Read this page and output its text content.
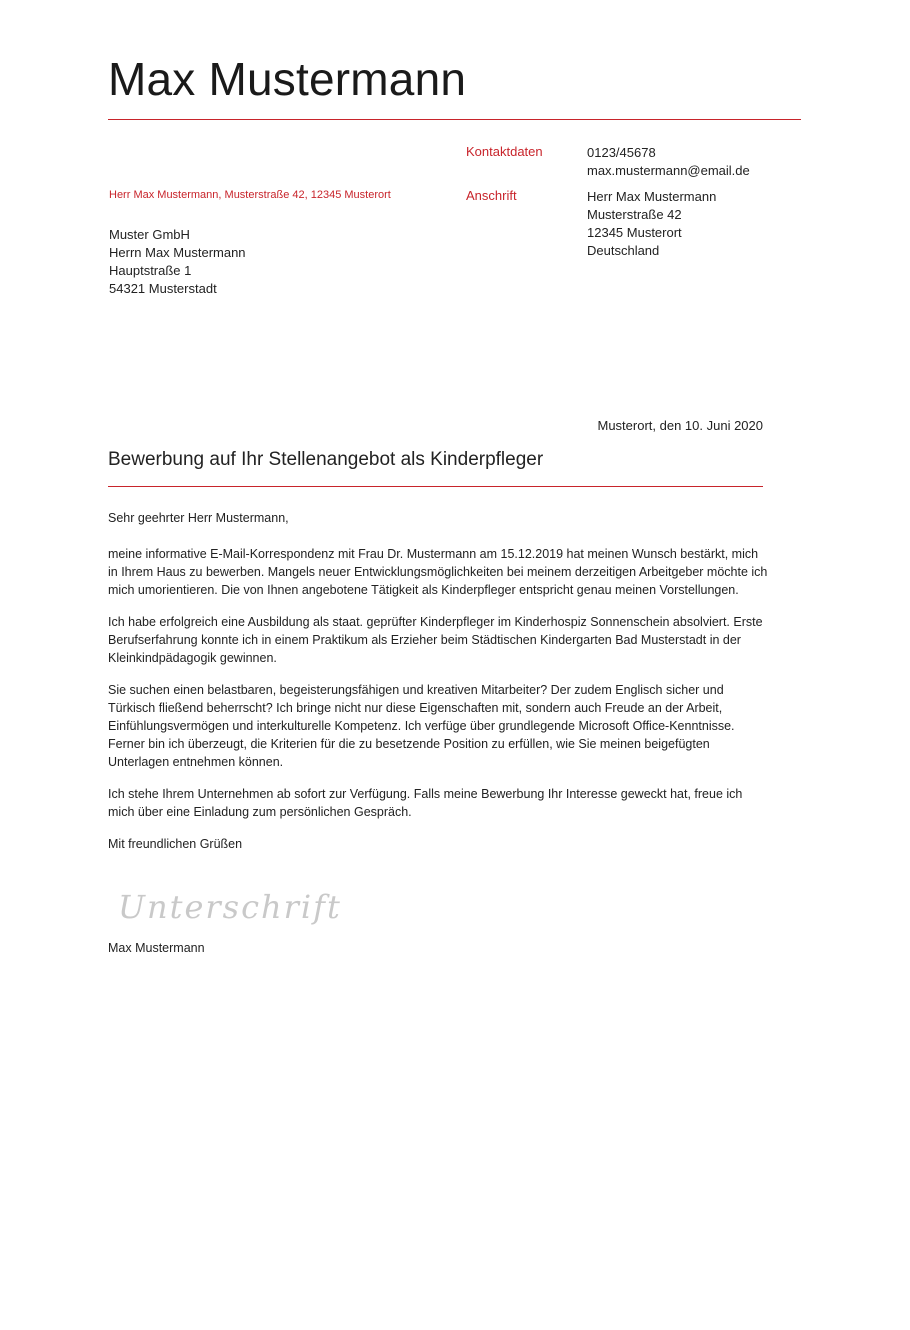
Max Mustermann
Kontaktdaten	0123/45678
max.mustermann@email.de
Herr Max Mustermann, Musterstraße 42, 12345 Musterort	Anschrift	Herr Max Mustermann
Musterstraße 42
12345 Musterort
Deutschland
Muster GmbH
Herrn Max Mustermann
Hauptstraße 1
54321 Musterstadt
Musterort, den 10. Juni 2020
Bewerbung auf Ihr Stellenangebot als Kinderpfleger

Sehr geehrter Herr Mustermann,

meine informative E-Mail-Korrespondenz mit Frau Dr. Mustermann am 15.12.2019 hat meinen Wunsch bestärkt, mich in Ihrem Haus zu bewerben. Mangels neuer Entwicklungsmöglichkeiten bei meinem derzeitigen Arbeitgeber möchte ich mich umorientieren. Die von Ihnen angebotene Tätigkeit als Kinderpfleger entspricht genau meinen Vorstellungen.

Ich habe erfolgreich eine Ausbildung als staat. geprüfter Kinderpfleger im Kinderhospiz Sonnenschein absolviert. Erste Berufserfahrung konnte ich in einem Praktikum als Erzieher beim Städtischen Kindergarten Bad Musterstadt in der Kleinkindpädagogik gewinnen.

Sie suchen einen belastbaren, begeisterungsfähigen und kreativen Mitarbeiter? Der zudem Englisch sicher und Türkisch fließend beherrscht? Ich bringe nicht nur diese Eigenschaften mit, sondern auch Freude an der Arbeit, Einfühlungsvermögen und interkulturelle Kompetenz. Ich verfüge über grundlegende Microsoft Office-Kenntnisse. Ferner bin ich überzeugt, die Kriterien für die zu besetzende Position zu erfüllen, wie Sie meinen beigefügten Unterlagen entnehmen können.

Ich stehe Ihrem Unternehmen ab sofort zur Verfügung. Falls meine Bewerbung Ihr Interesse geweckt hat, freue ich mich über eine Einladung zum persönlichen Gespräch.

Mit freundlichen Grüßen

Unterschrift
Max Mustermann
